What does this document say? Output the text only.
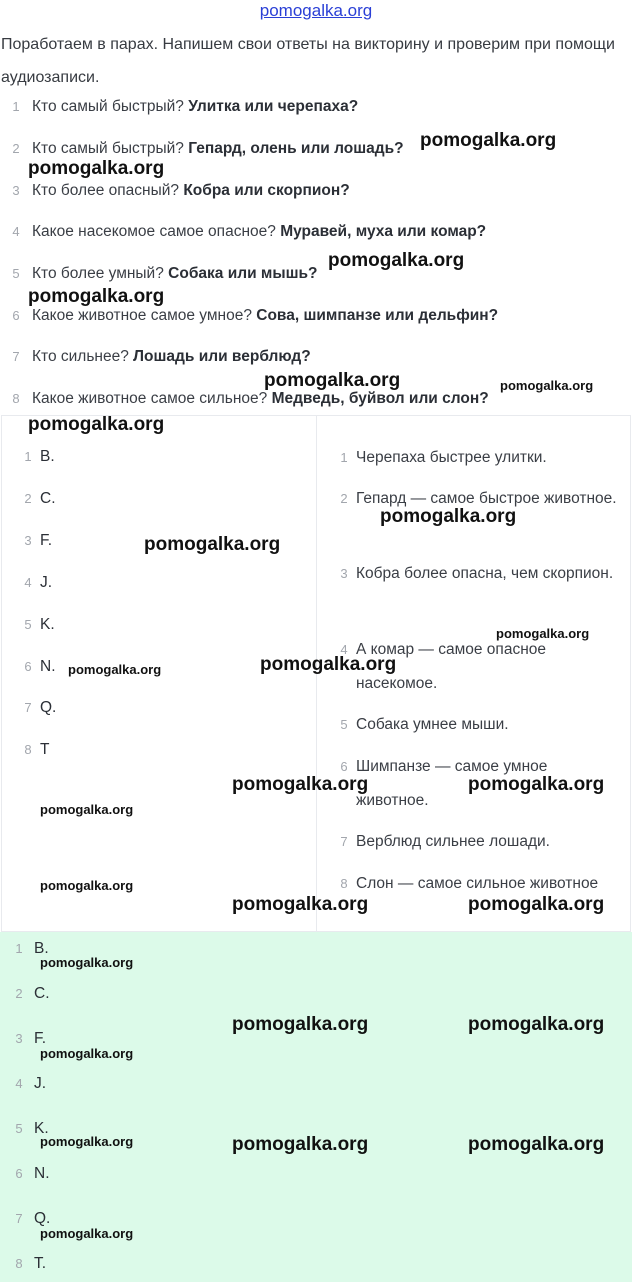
pomogalka.org
Поработаем в парах. Напишем свои ответы на викторину и проверим при помощи аудиозаписи.
1 Кто самый быстрый? Улитка или черепаха?
2 Кто самый быстрый? Гепард, олень или лошадь?
3 Кто более опасный? Кобра или скорпион?
4 Какое насекомое самое опасное? Муравей, муха или комар?
5 Кто более умный? Собака или мышь?
6 Какое животное самое умное? Сова, шимпанзе или дельфин?
7 Кто сильнее? Лошадь или верблюд?
8 Какое животное самое сильное? Медведь, буйвол или слон?
1 B.
2 C.
3 F.
4 J.
5 K.
6 N.
7 Q.
8 T
1 Черепаха быстрее улитки.
2 Гепард — самое быстрое животное.
3 Кобра более опасна, чем скорпион.
4 А комар — самое опасное насекомое.
5 Собака умнее мыши.
6 Шимпанзе — самое умное животное.
7 Верблюд сильнее лошади.
8 Слон — самое сильное животное
1 B.
2 C.
3 F.
4 J.
5 K.
6 N.
7 Q.
8 T.
pomogalka.org
pomogalka.org
pomogalka.org
pomogalka.org
pomogalka.org	pomogalka.org
pomogalka.org
pomogalka.org
pomogalka.org
pomogalka.org
pomogalka.org
pomogalka.org
pomogalka.org	pomogalka.org
pomogalka.org
pomogalka.org
pomogalka.org	pomogalka.org
pomogalka.org
pomogalka.org	pomogalka.org
pomogalka.org
pomogalka.org	pomogalka.org	pomogalka.org
pomogalka.org
